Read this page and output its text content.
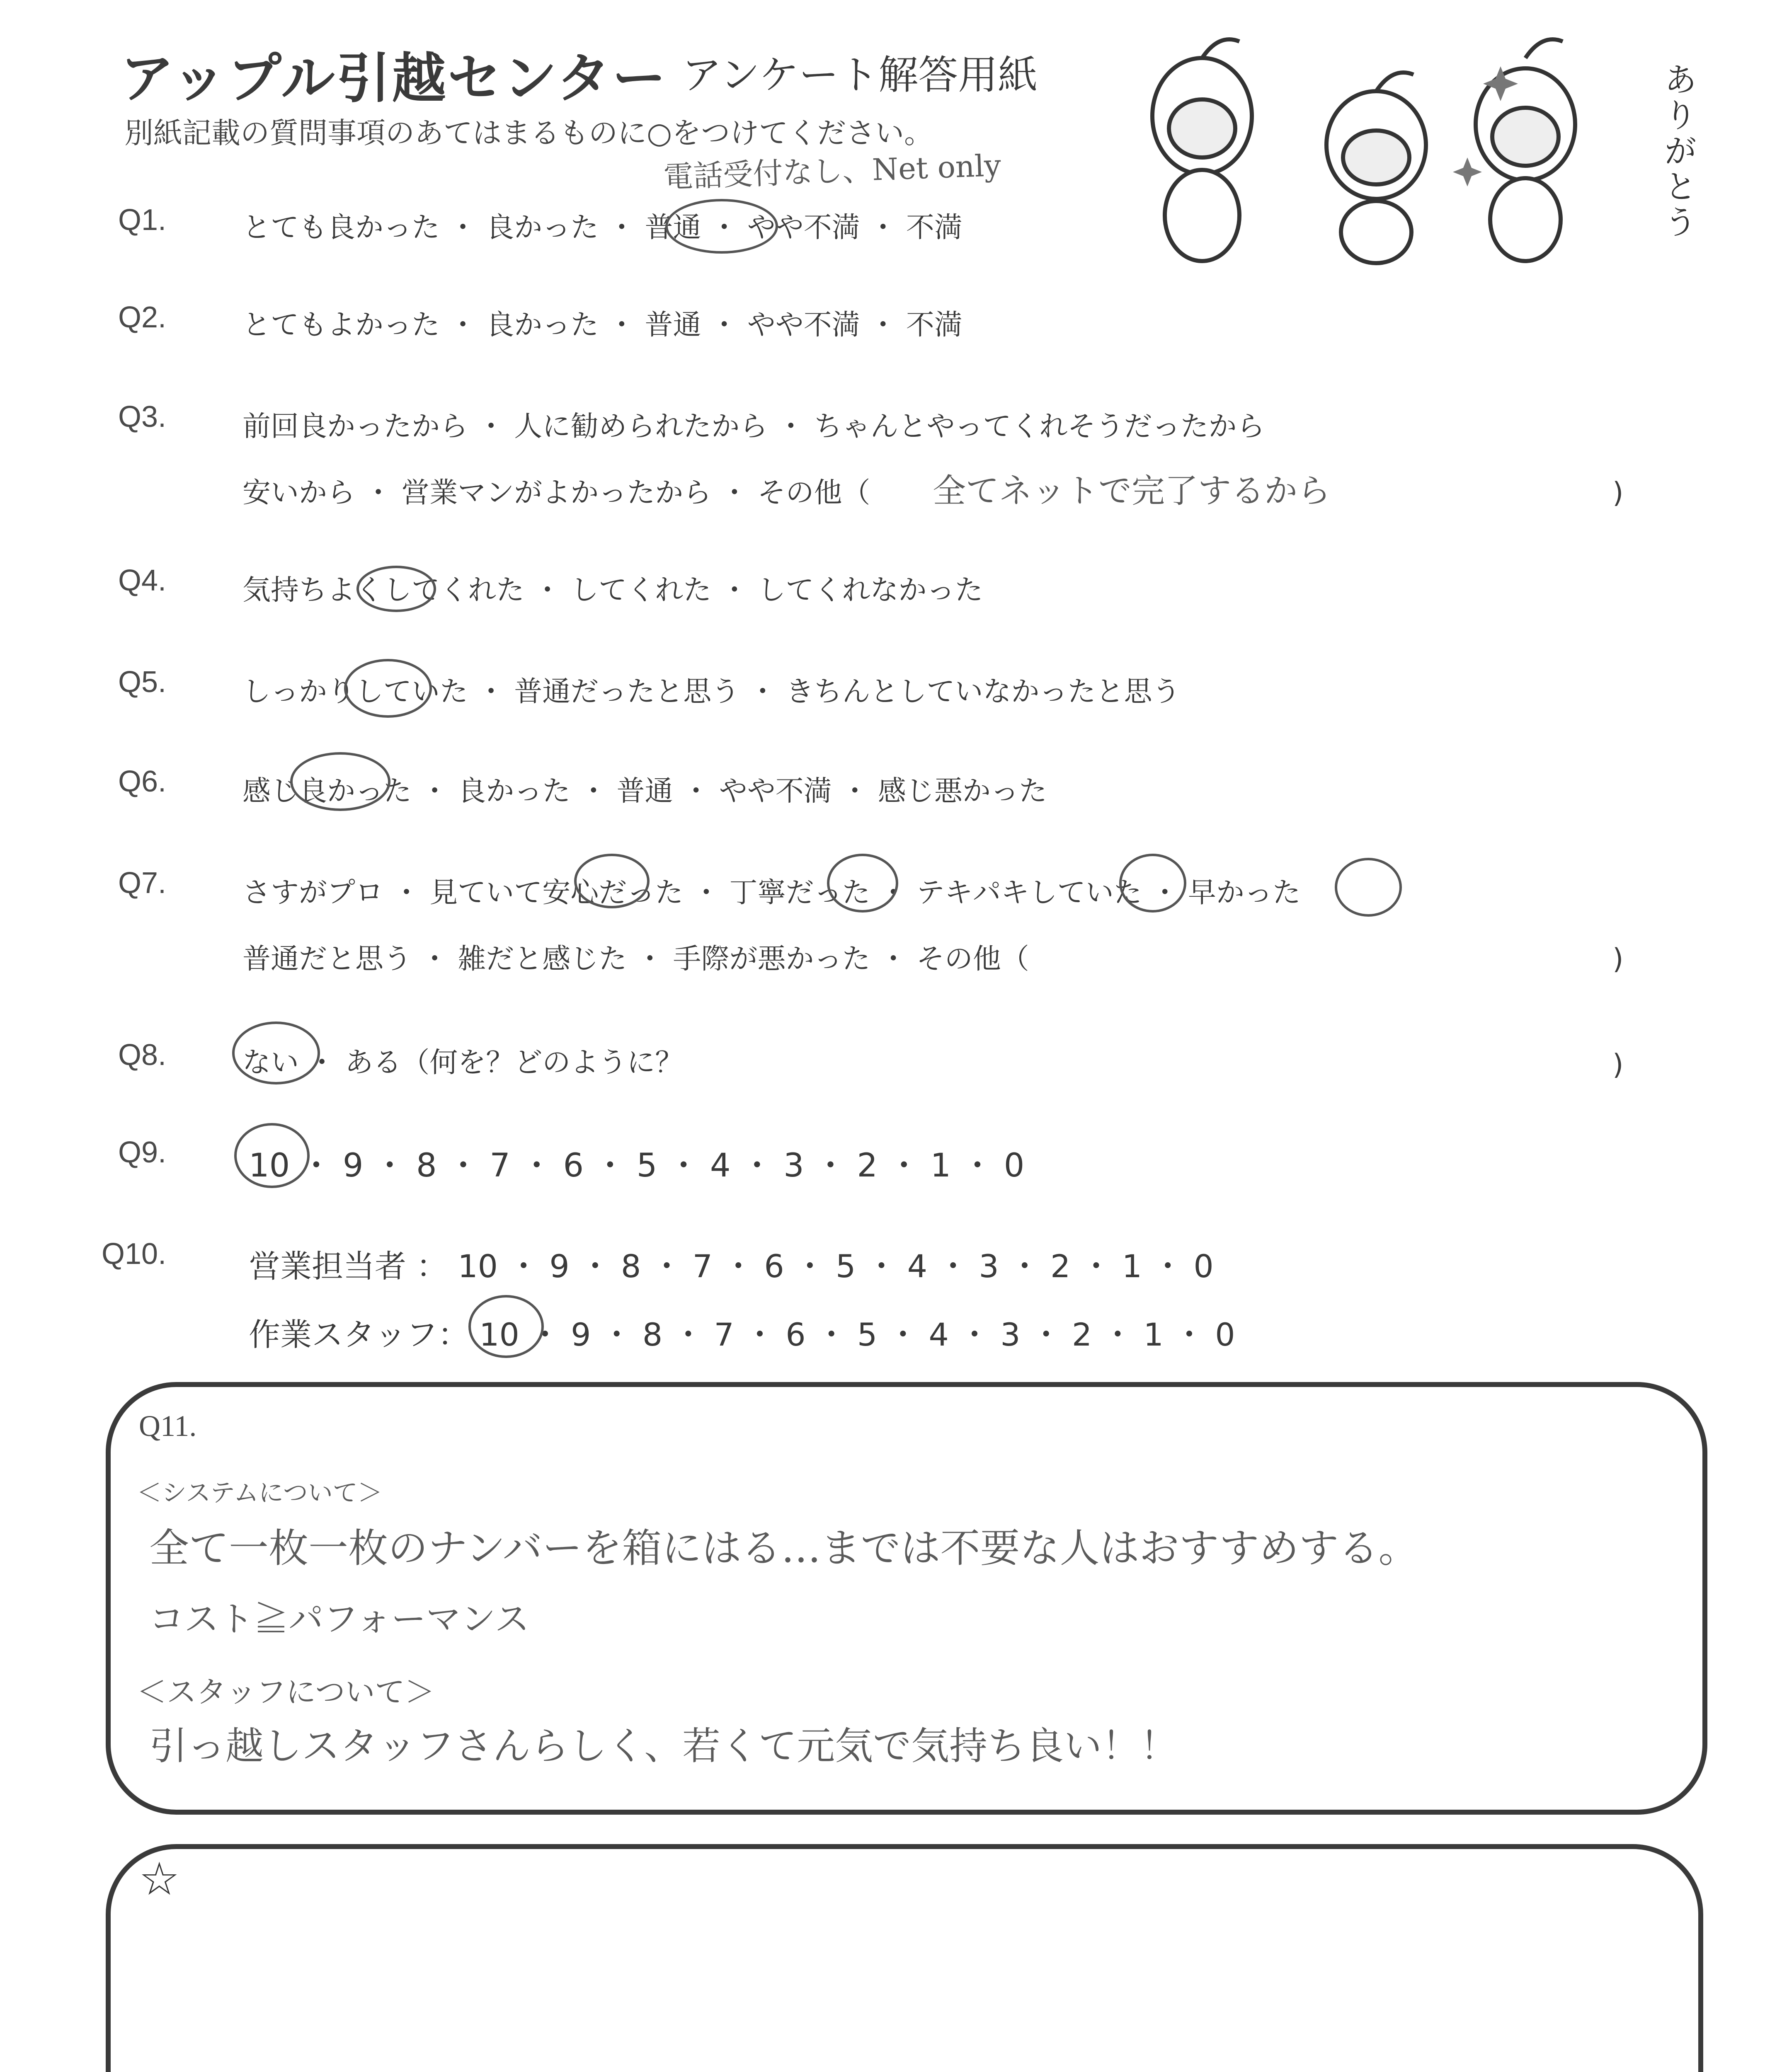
アップル引越センター アンケート解答用紙
別紙記載の質問事項のあてはまるものに○をつけてください。	ありがとう
Q1.	とても良かった ・ 良かった ・ 普通 ・ やや不満 ・ 不満
電話受付なし、Net only
Q2.	とてもよかった ・ 良かった ・ 普通 ・ やや不満 ・ 不満
Q3.	前回良かったから ・ 人に勧められたから ・ ちゃんとやってくれそうだったから
安いから ・ 営業マンがよかったから ・ その他（ 全てネットで完了するから	)
Q4.	気持ちよくしてくれた ・ してくれた ・ してくれなかった
Q5.	しっかりしていた ・ 普通だったと思う ・ きちんとしていなかったと思う
Q6.	感じ良かった ・ 良かった ・ 普通 ・ やや不満 ・ 感じ悪かった
Q7.	さすがプロ ・ 見ていて安心だった ・ 丁寧だった ・ テキパキしていた ・ 早かった
普通だと思う ・ 雑だと感じた ・ 手際が悪かった ・ その他（	)
Q8.	ない ・ ある（何を？どのように？	)
Q9.	10 ・ 9 ・ 8 ・ 7 ・ 6 ・ 5 ・ 4 ・ 3 ・ 2 ・ 1 ・ 0
Q10.	営業担当者 ： 10 ・ 9 ・ 8 ・ 7 ・ 6 ・ 5 ・ 4 ・ 3 ・ 2 ・ 1 ・ 0
作業スタッフ： 10 ・ 9 ・ 8 ・ 7 ・ 6 ・ 5 ・ 4 ・ 3 ・ 2 ・ 1 ・ 0
Q11.
＜システムについて＞
全て一枚一枚のナンバーを箱にはる…までは不要な人はおすすめする。
コスト≧パフォーマンス
＜スタッフについて＞
引っ越しスタッフさんらしく、若くて元気で気持ち良い！！
☆
